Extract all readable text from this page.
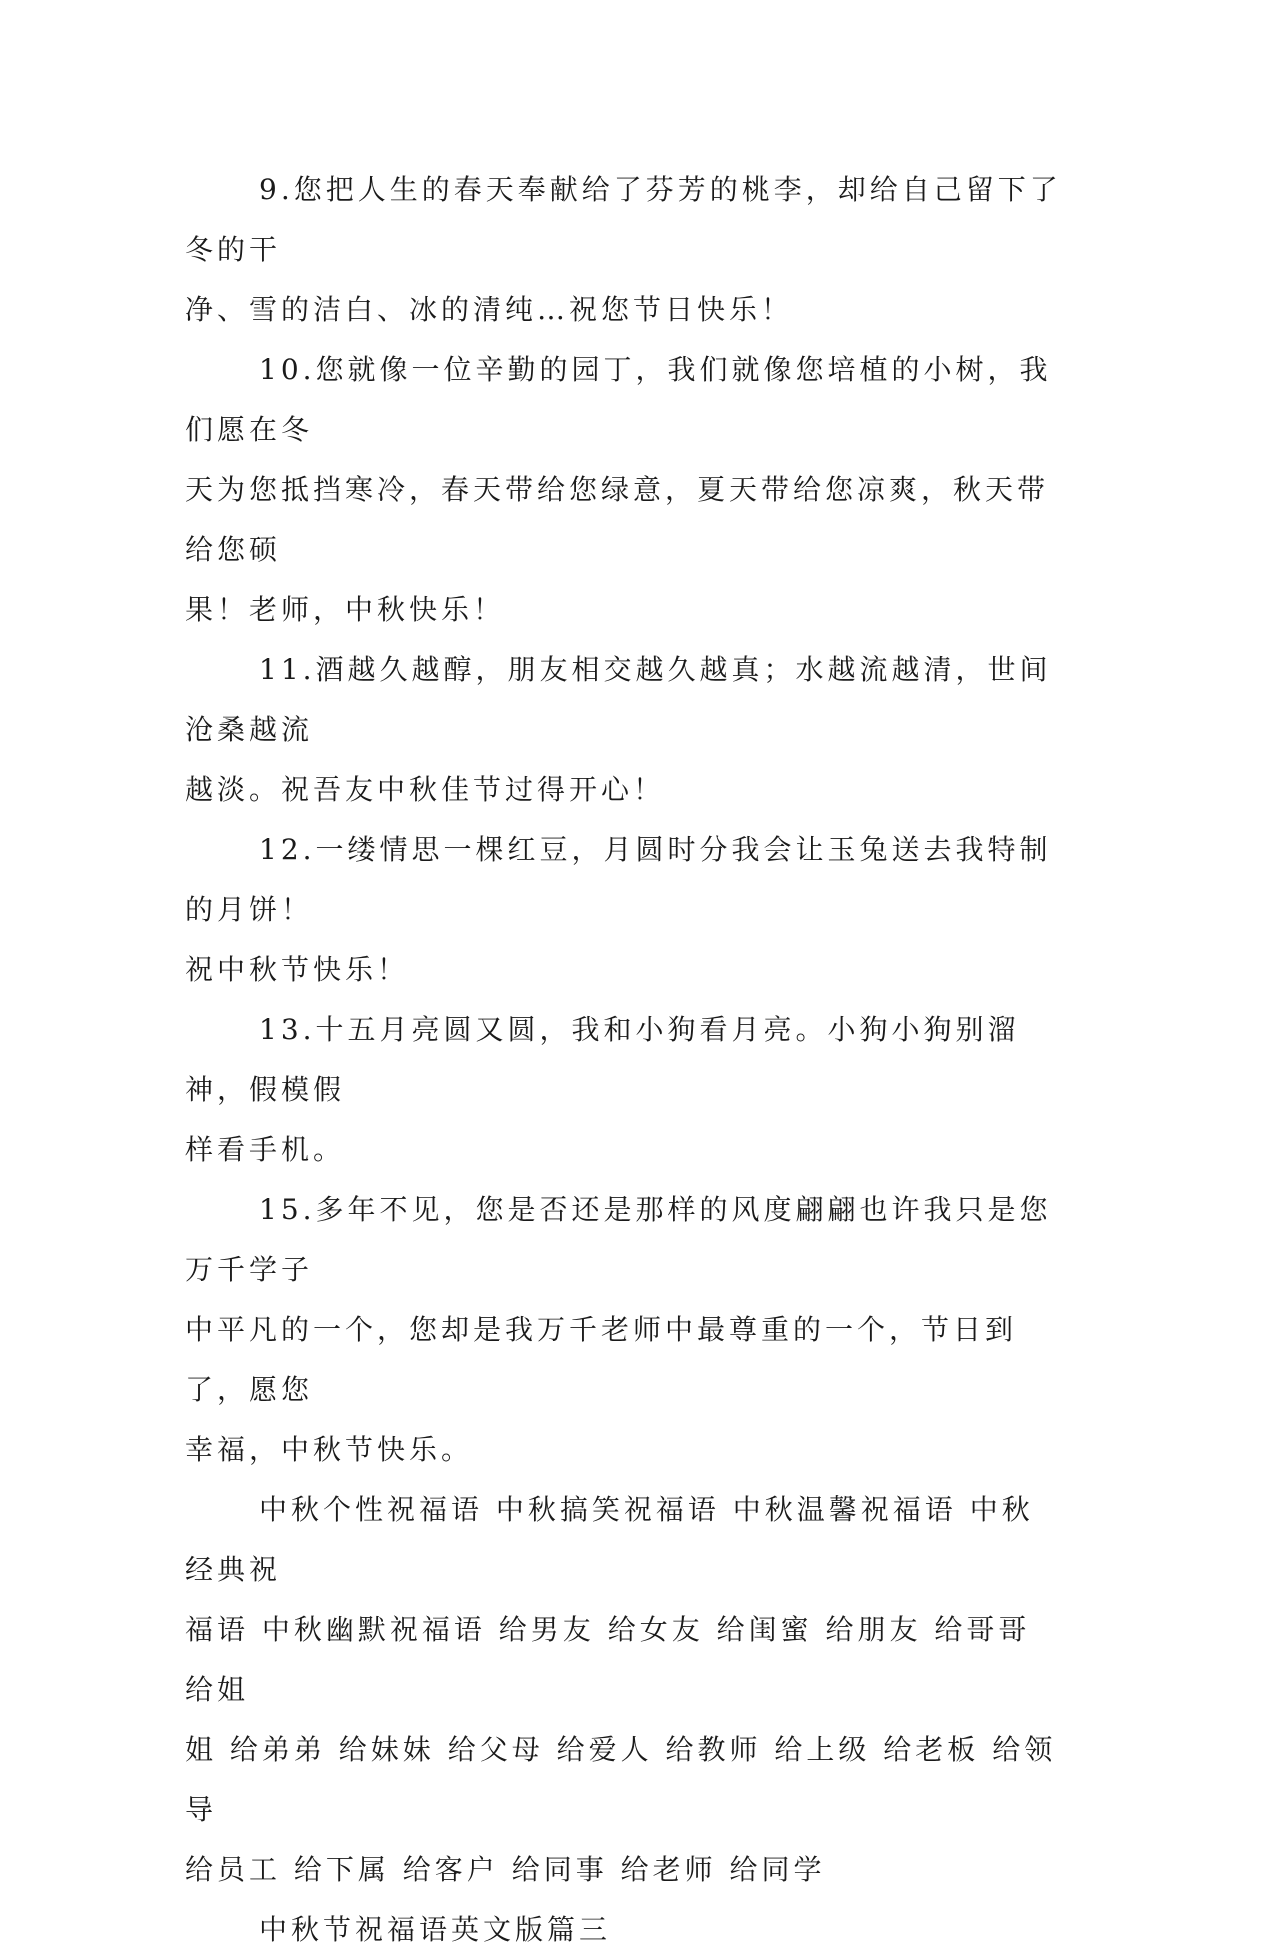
9.您把人生的春天奉献给了芬芳的桃李，却给自己留下了冬的干
净、雪的洁白、冰的清纯…祝您节日快乐！

10.您就像一位辛勤的园丁，我们就像您培植的小树，我们愿在冬
天为您抵挡寒冷，春天带给您绿意，夏天带给您凉爽，秋天带给您硕
果！老师，中秋快乐！

11.酒越久越醇，朋友相交越久越真；水越流越清，世间沧桑越流
越淡。祝吾友中秋佳节过得开心！

12.一缕情思一棵红豆，月圆时分我会让玉兔送去我特制的月饼！
祝中秋节快乐！

13.十五月亮圆又圆，我和小狗看月亮。小狗小狗别溜神，假模假
样看手机。

15.多年不见，您是否还是那样的风度翩翩也许我只是您万千学子
中平凡的一个，您却是我万千老师中最尊重的一个，节日到了，愿您
幸福，中秋节快乐。

中秋个性祝福语 中秋搞笑祝福语 中秋温馨祝福语 中秋经典祝
福语 中秋幽默祝福语 给男友 给女友 给闺蜜 给朋友 给哥哥 给姐
姐 给弟弟 给妹妹 给父母 给爱人 给教师 给上级 给老板 给领导
给员工 给下属 给客户 给同事 给老师 给同学

中秋节祝福语英文版篇三
